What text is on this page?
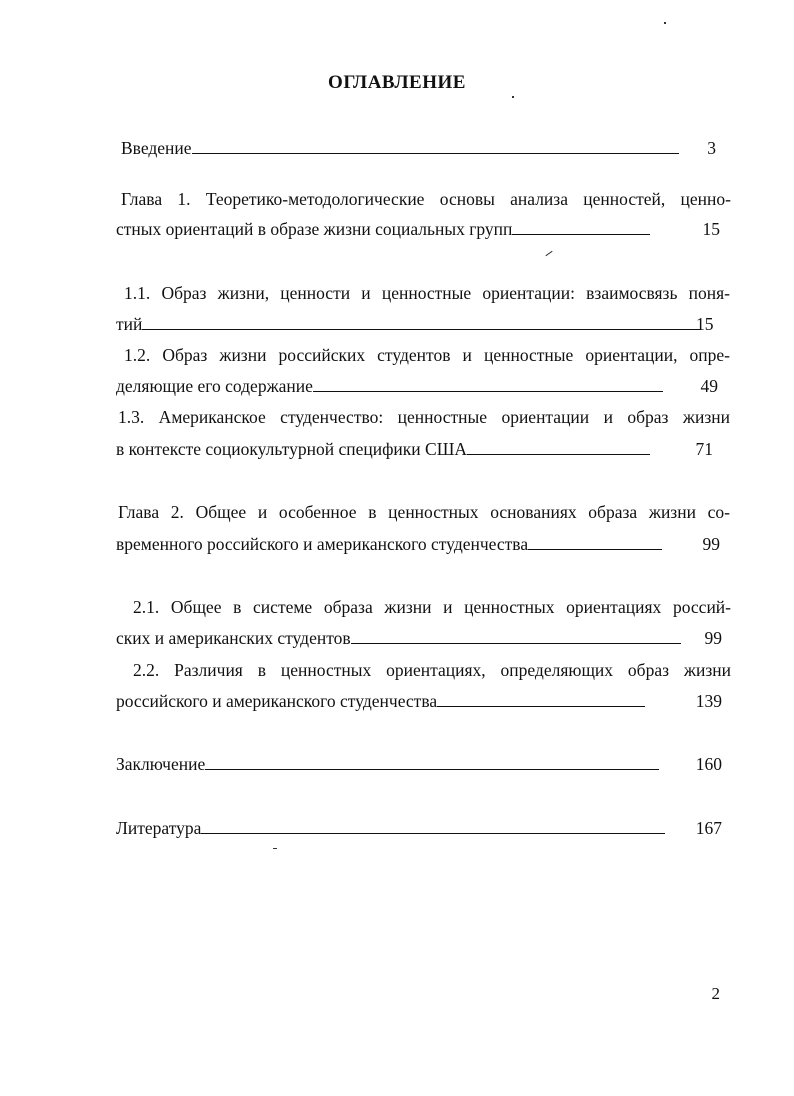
ОГЛАВЛЕНИЕ
Введение	3
Глава 1. Теоретико-методологические основы анализа ценностей, ценно-
стных ориентаций в образе жизни социальных групп	15
1.1. Образ жизни, ценности и ценностные ориентации: взаимосвязь поня-
тий	15
1.2. Образ жизни российских студентов и ценностные ориентации, опре-
деляющие его содержание	49
1.3. Американское студенчество: ценностные ориентации и образ жизни
в контексте социокультурной специфики США	71
Глава 2. Общее и особенное в ценностных основаниях образа жизни со-
временного российского и американского студенчества	99
2.1. Общее в системе образа жизни и ценностных ориентациях россий-
ских и американских студентов	99
2.2. Различия в ценностных ориентациях, определяющих образ жизни
российского и американского студенчества	139
Заключение	160
Литература	167
2
